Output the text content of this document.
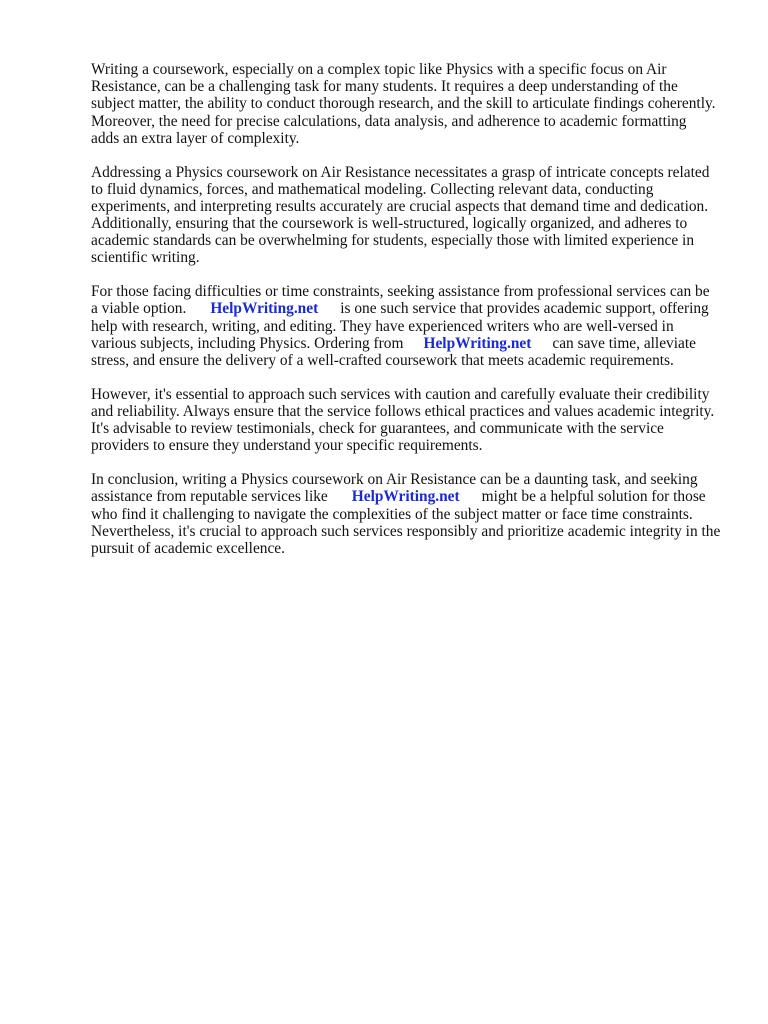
Writing a coursework, especially on a complex topic like Physics with a specific focus on Air
Resistance, can be a challenging task for many students. It requires a deep understanding of the
subject matter, the ability to conduct thorough research, and the skill to articulate findings coherently.
Moreover, the need for precise calculations, data analysis, and adherence to academic formatting
adds an extra layer of complexity.

Addressing a Physics coursework on Air Resistance necessitates a grasp of intricate concepts related
to fluid dynamics, forces, and mathematical modeling. Collecting relevant data, conducting
experiments, and interpreting results accurately are crucial aspects that demand time and dedication.
Additionally, ensuring that the coursework is well-structured, logically organized, and adheres to
academic standards can be overwhelming for students, especially those with limited experience in
scientific writing.

For those facing difficulties or time constraints, seeking assistance from professional services can be
a viable option. HelpWriting.net is one such service that provides academic support, offering
help with research, writing, and editing. They have experienced writers who are well-versed in
various subjects, including Physics. Ordering from HelpWriting.net can save time, alleviate
stress, and ensure the delivery of a well-crafted coursework that meets academic requirements.

However, it's essential to approach such services with caution and carefully evaluate their credibility
and reliability. Always ensure that the service follows ethical practices and values academic integrity.
It's advisable to review testimonials, check for guarantees, and communicate with the service
providers to ensure they understand your specific requirements.

In conclusion, writing a Physics coursework on Air Resistance can be a daunting task, and seeking
assistance from reputable services like HelpWriting.net might be a helpful solution for those
who find it challenging to navigate the complexities of the subject matter or face time constraints.
Nevertheless, it's crucial to approach such services responsibly and prioritize academic integrity in the
pursuit of academic excellence.
